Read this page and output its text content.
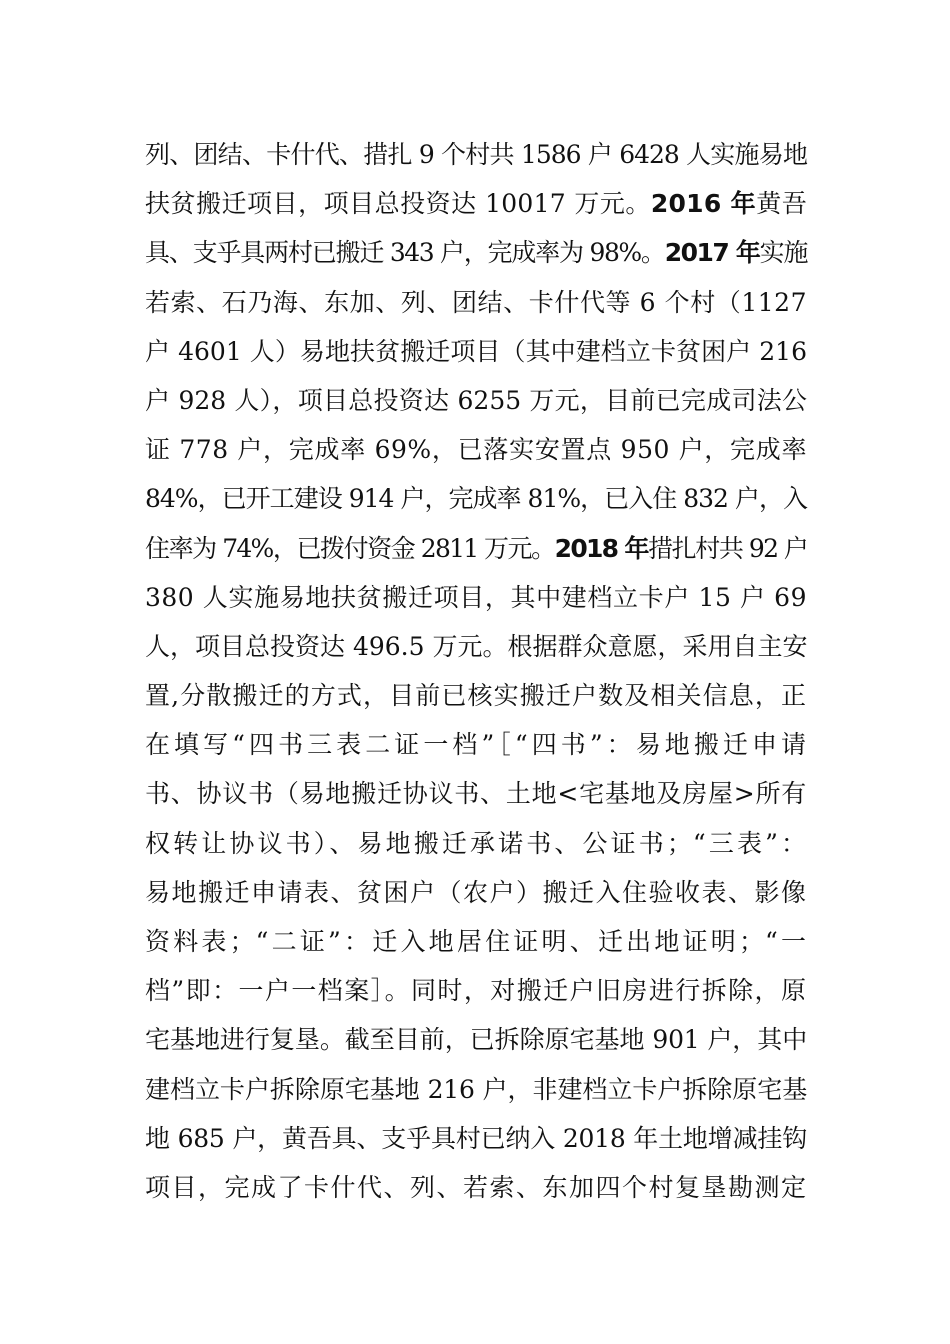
列、团结、卡什代、措扎 9 个村共 1586 户 6428 人实施易地
扶贫搬迁项目，项目总投资达 10017 万元。2016 年黄吾
具、支乎具两村已搬迁 343 户，完成率为 98%。2017 年实施
若索、石乃海、东加、列、团结、卡什代等 6 个村（1127
户 4601 人）易地扶贫搬迁项目（其中建档立卡贫困户 216
户 928 人），项目总投资达 6255 万元，目前已完成司法公
证 778 户，完成率 69%，已落实安置点 950 户，完成率
84%，已开工建设 914 户，完成率 81%，已入住 832 户，入
住率为 74%，已拨付资金 2811 万元。2018 年措扎村共 92 户
380 人实施易地扶贫搬迁项目，其中建档立卡户 15 户 69
人，项目总投资达 496.5 万元。根据群众意愿，采用自主安
置,分散搬迁的方式，目前已核实搬迁户数及相关信息，正
在填写“四书三表二证一档”［“四书”：易地搬迁申请
书、协议书（易地搬迁协议书、土地<宅基地及房屋>所有
权转让协议书）、易地搬迁承诺书、公证书；“三表”：
易地搬迁申请表、贫困户（农户）搬迁入住验收表、影像
资料表；“二证”：迁入地居住证明、迁出地证明；“一
档”即：一户一档案］。同时，对搬迁户旧房进行拆除，原
宅基地进行复垦。截至目前，已拆除原宅基地 901 户，其中
建档立卡户拆除原宅基地 216 户，非建档立卡户拆除原宅基
地 685 户，黄吾具、支乎具村已纳入 2018 年土地增减挂钩
项目，完成了卡什代、列、若索、东加四个村复垦勘测定
